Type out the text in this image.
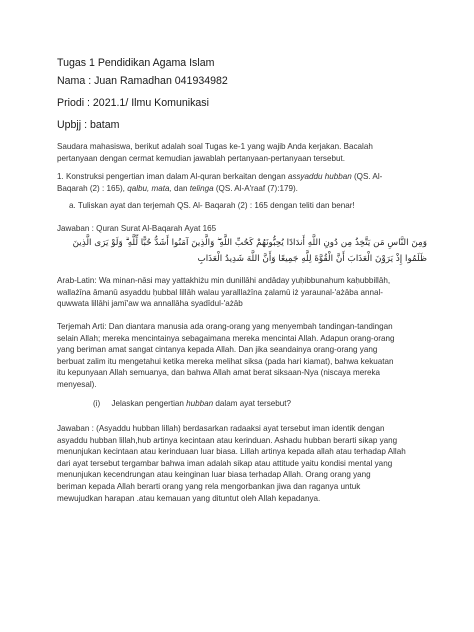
Tugas 1 Pendidikan Agama Islam
Nama : Juan Ramadhan 041934982
Priodi : 2021.1/ Ilmu Komunikasi
Upbjj : batam
Saudara mahasiswa, berikut adalah soal Tugas ke-1 yang wajib Anda kerjakan. Bacalah
pertanyaan dengan cermat kemudian jawablah pertanyaan-pertanyaan tersebut.
1. Konstruksi pengertian iman dalam Al-quran berkaitan dengan assyaddu hubban (QS. Al-
Baqarah (2) : 165), qalbu, mata, dan telinga (QS. Al-A'raaf (7):179).
a. Tuliskan ayat dan terjemah QS. Al- Baqarah (2) : 165 dengan teliti dan benar!
Jawaban : Quran Surat Al-Baqarah Ayat 165
وَمِنَ النَّاسِ مَن يَتَّخِذُ مِن دُونِ اللَّهِ أَندَادًا يُحِبُّونَهُمْ كَحُبِّ اللَّهِ ۖ وَالَّذِينَ آمَنُوا أَشَدُّ حُبًّا لِّلَّهِ ۗ وَلَوْ يَرَى الَّذِينَ
ظَلَمُوا إِذْ يَرَوْنَ الْعَذَابَ أَنَّ الْقُوَّةَ لِلَّهِ جَمِيعًا وَأَنَّ اللَّهَ شَدِيدُ الْعَذَابِ
Arab-Latin: Wa minan-nāsi may yattakhiżu min dunillāhi andāday yuḥibbunahum kaḥubbillāh,
wallażīna āmanū asyaddu ḥubbal lillāh walau yaralllażīna ẓalamū iż yaraunal-'ażāba annal-
quwwata lillāhi jamī'aw wa annallāha syadīdul-'ażāb
Terjemah Arti: Dan diantara manusia ada orang-orang yang menyembah tandingan-tandingan
selain Allah; mereka mencintainya sebagaimana mereka mencintai Allah. Adapun orang-orang
yang beriman amat sangat cintanya kepada Allah. Dan jika seandainya orang-orang yang
berbuat zalim itu mengetahui ketika mereka melihat siksa (pada hari kiamat), bahwa kekuatan
itu kepunyaan Allah semuanya, dan bahwa Allah amat berat siksaan-Nya (niscaya mereka
menyesal).
(i) Jelaskan pengertian hubban dalam ayat tersebut?
Jawaban : (Asyaddu hubban lillah) berdasarkan radaaksi ayat tersebut iman identik dengan
asyaddu hubban lillah,hub artinya kecintaan atau kerinduan. Ashadu hubban berarti sikap yang
menunjukan kecintaan atau kerinduaan luar biasa. Lillah artinya kepada allah atau terhadap Allah
dari ayat tersebut tergambar bahwa iman adalah sikap atau attitude yaitu kondisi mental yang
menunjukan kecendrungan atau keinginan luar biasa terhadap Allah. Orang orang yang
beriman kepada Allah berarti orang yang rela mengorbankan jiwa dan raganya untuk
mewujudkan harapan .atau kemauan yang dituntut oleh Allah kepadanya.
